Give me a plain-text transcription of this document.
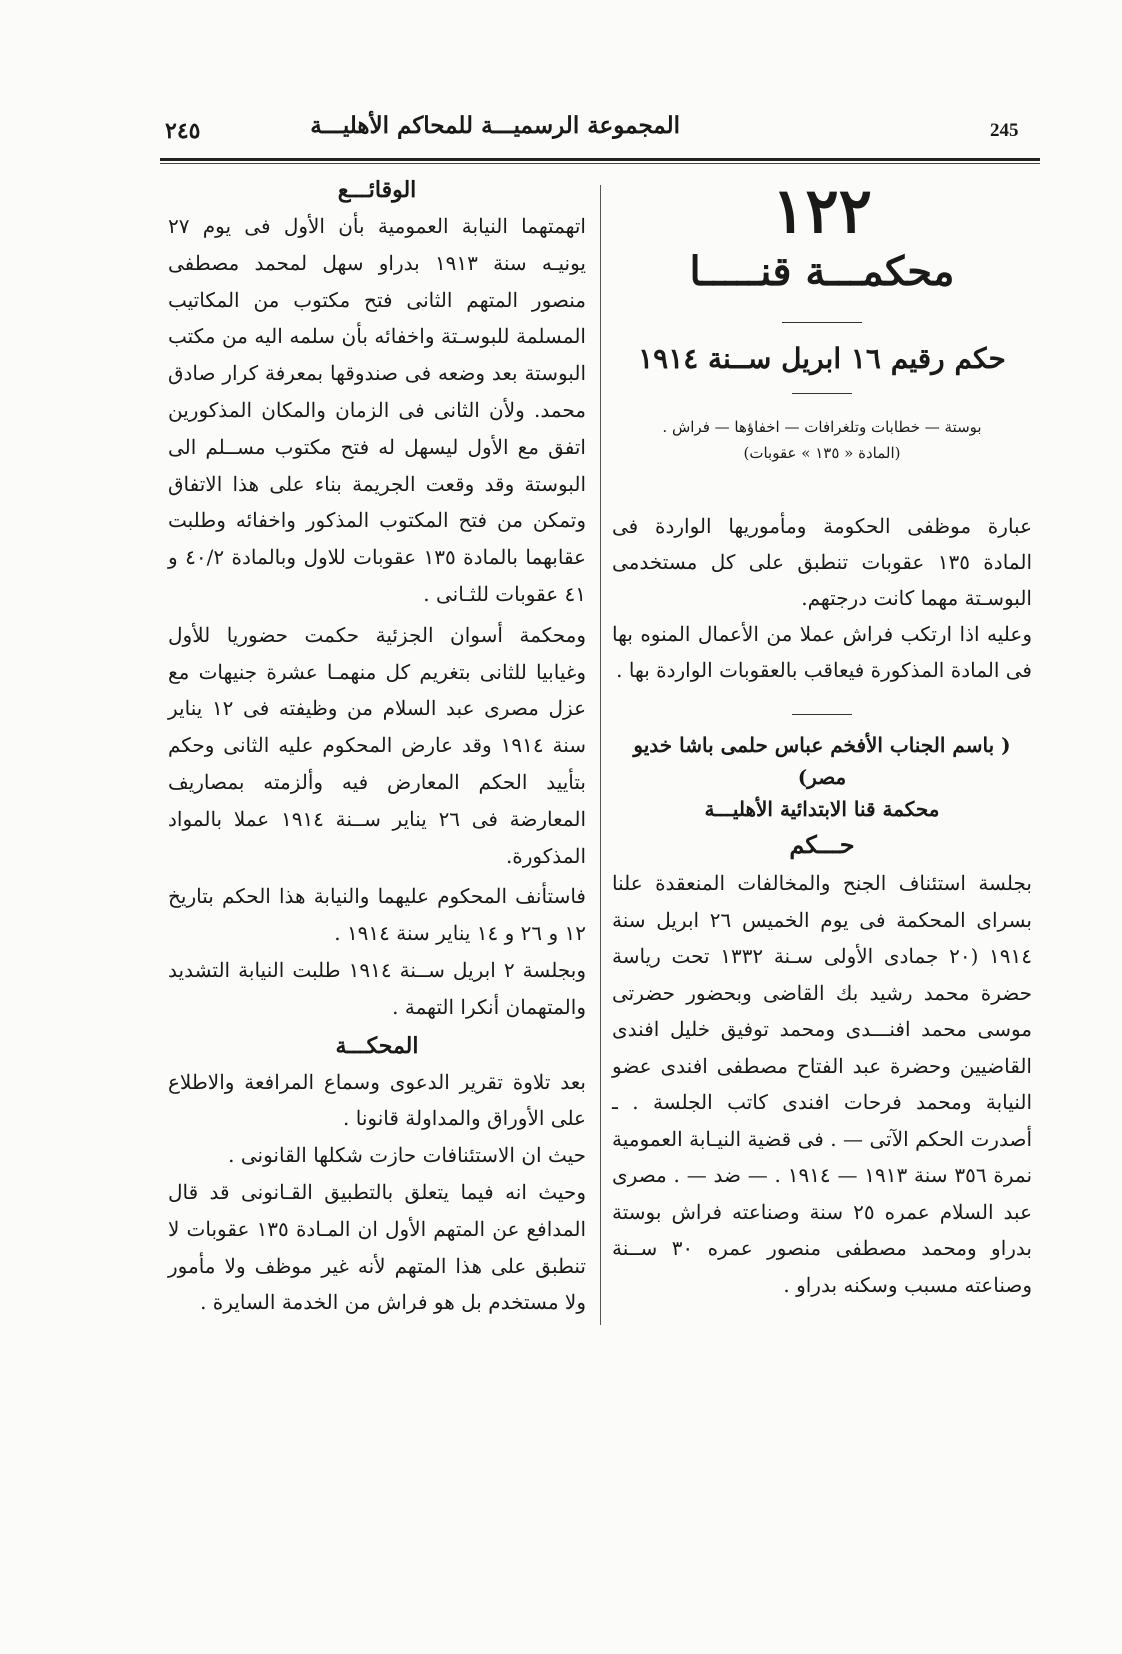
٢٤٥	المجموعة الرسميـــة للمحاكم الأهليـــة	245
١٢٢
محكمـــة قنـــــا
حكم رقيم ١٦ ابريل ســنة ١٩١٤
بوستة — خطابات وتلغرافات — اخفاؤها — فراش .
(المادة « ١٣٥ » عقوبات)

عبارة موظفى الحكومة ومأموريها الواردة فى المادة ١٣٥ عقوبات تنطبق على كل مستخدمى البوسـتة مهما كانت درجتهم.

وعليه اذا ارتكب فراش عملا من الأعمال المنوه بها فى المادة المذكورة فيعاقب بالعقوبات الواردة بها .

( باسم الجناب الأفخم عباس حلمى باشا خديو مصر)
محكمة قنا الابتدائية الأهليـــة
حـــكم

بجلسة استئناف الجنح والمخالفات المنعقدة علنا بسراى المحكمة فى يوم الخميس ٢٦ ابريل سنة ١٩١٤ (٢٠ جمادى الأولى سـنة ١٣٣٢ تحت رياسة حضرة محمد رشيد بك القاضى وبحضور حضرتى موسى محمد افنـــدى ومحمد توفيق خليل افندى القاضيين وحضرة عبد الفتاح مصطفى افندى عضو النيابة ومحمد فرحات افندى كاتب الجلسة . ـ أصدرت الحكم الآتى — . فى قضية النيـابة العمومية نمرة ٣٥٦ سنة ١٩١٣ — ١٩١٤ . — ضد — . مصرى عبد السلام عمره ٢٥ سنة وصناعته فراش بوستة بدراو ومحمد مصطفى منصور عمره ٣٠ ســنة وصناعته مسبب وسكنه بدراو .

الوقائـــع

اتهمتهما النيابة العمومية بأن الأول فى يوم ٢٧ يونيـه سنة ١٩١٣ بدراو سهل لمحمد مصطفى منصور المتهم الثانى فتح مكتوب من المكاتيب المسلمة للبوسـتة واخفائه بأن سلمه اليه من مكتب البوستة بعد وضعه فى صندوقها بمعرفة كرار صادق محمد. ولأن الثانى فى الزمان والمكان المذكورين اتفق مع الأول ليسهل له فتح مكتوب مســلم الى البوستة وقد وقعت الجريمة بناء على هذا الاتفاق وتمكن من فتح المكتوب المذكور واخفائه وطلبت عقابهما بالمادة ١٣٥ عقوبات للاول وبالمادة ٤٠/٢ و ٤١ عقوبات للثـانى .

ومحكمة أسوان الجزئية حكمت حضوريا للأول وغيابيا للثانى بتغريم كل منهمـا عشرة جنيهات مع عزل مصرى عبد السلام من وظيفته فى ١٢ يناير سنة ١٩١٤ وقد عارض المحكوم عليه الثانى وحكم بتأييد الحكم المعارض فيه وألزمته بمصاريف المعارضة فى ٢٦ يناير ســنة ١٩١٤ عملا بالمواد المذكورة.

فاستأنف المحكوم عليهما والنيابة هذا الحكم بتاريخ ١٢ و ٢٦ و ١٤ يناير سنة ١٩١٤ .

وبجلسة ٢ ابريل ســنة ١٩١٤ طلبت النيابة التشديد والمتهمان أنكرا التهمة .

المحكـــة

بعد تلاوة تقرير الدعوى وسماع المرافعة والاطلاع على الأوراق والمداولة قانونا .

حيث ان الاستئنافات حازت شكلها القانونى .

وحيث انه فيما يتعلق بالتطبيق القـانونى قد قال المدافع عن المتهم الأول ان المـادة ١٣٥ عقوبات لا تنطبق على هذا المتهم لأنه غير موظف ولا مأمور ولا مستخدم بل هو فراش من الخدمة السايرة .
